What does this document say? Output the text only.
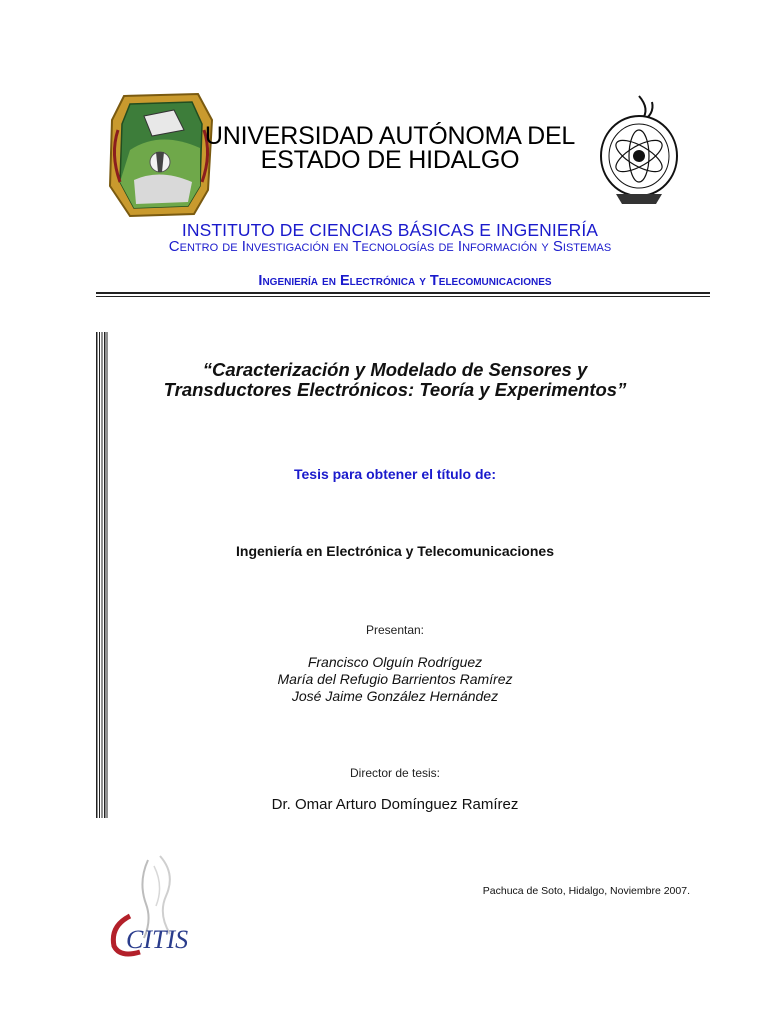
UNIVERSIDAD AUTÓNOMA DEL
ESTADO DE HIDALGO
INSTITUTO DE CIENCIAS BÁSICAS E INGENIERÍA
Centro de Investigación en Tecnologías de Información y Sistemas
Ingeniería en Electrónica y Telecomunicaciones
“Caracterización y Modelado de Sensores y
Transductores Electrónicos: Teoría y Experimentos”
Tesis para obtener el título de:
Ingeniería en Electrónica y Telecomunicaciones
Presentan:
Francisco Olguín Rodríguez
María del Refugio Barrientos Ramírez
José Jaime González Hernández
Director de tesis:
Dr. Omar Arturo Domínguez Ramírez
CITIS
Pachuca de Soto, Hidalgo, Noviembre 2007.
